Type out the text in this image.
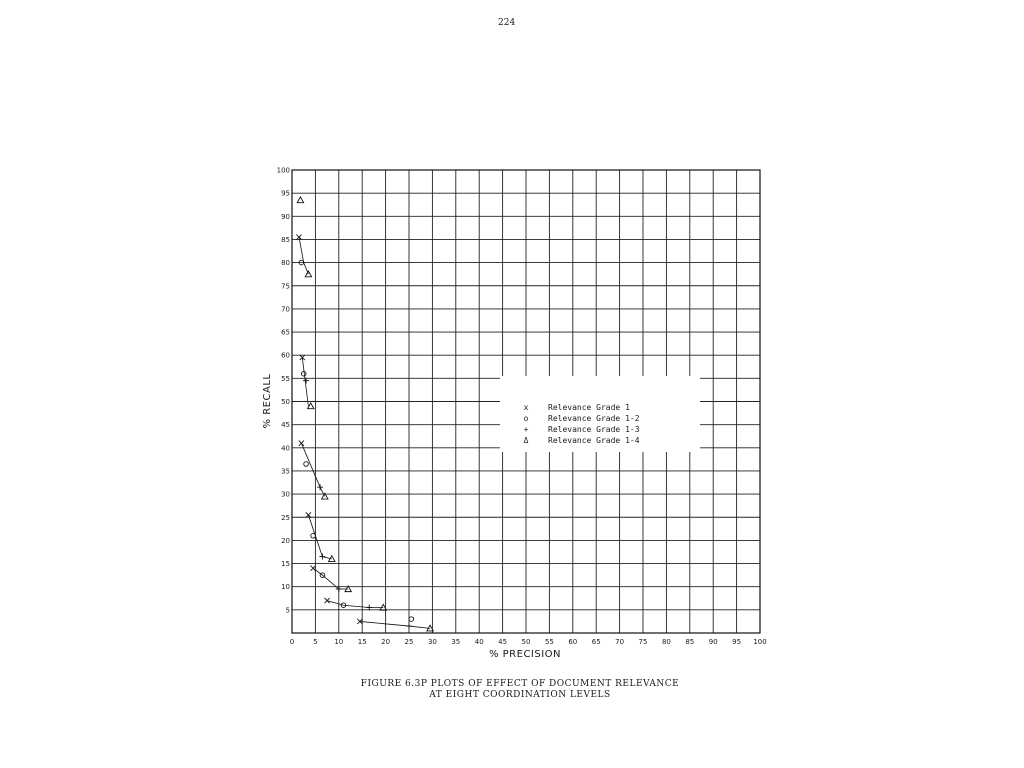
224
0	5 10 15 20 25 30 35 40 45 50 55 60 65 70 75 80 85 90 95 100
5
10
15
20
25
30
35
40
45
50
55
60
65
70
75
80
85
90
95
100
x Relevance Grade 1
o Relevance Grade 1-2
+ Relevance Grade 1-3
Δ Relevance Grade 1-4
% PRECISION
% RECALL
FIGURE 6.3P PLOTS OF EFFECT OF DOCUMENT RELEVANCE
AT EIGHT COORDINATION LEVELS
